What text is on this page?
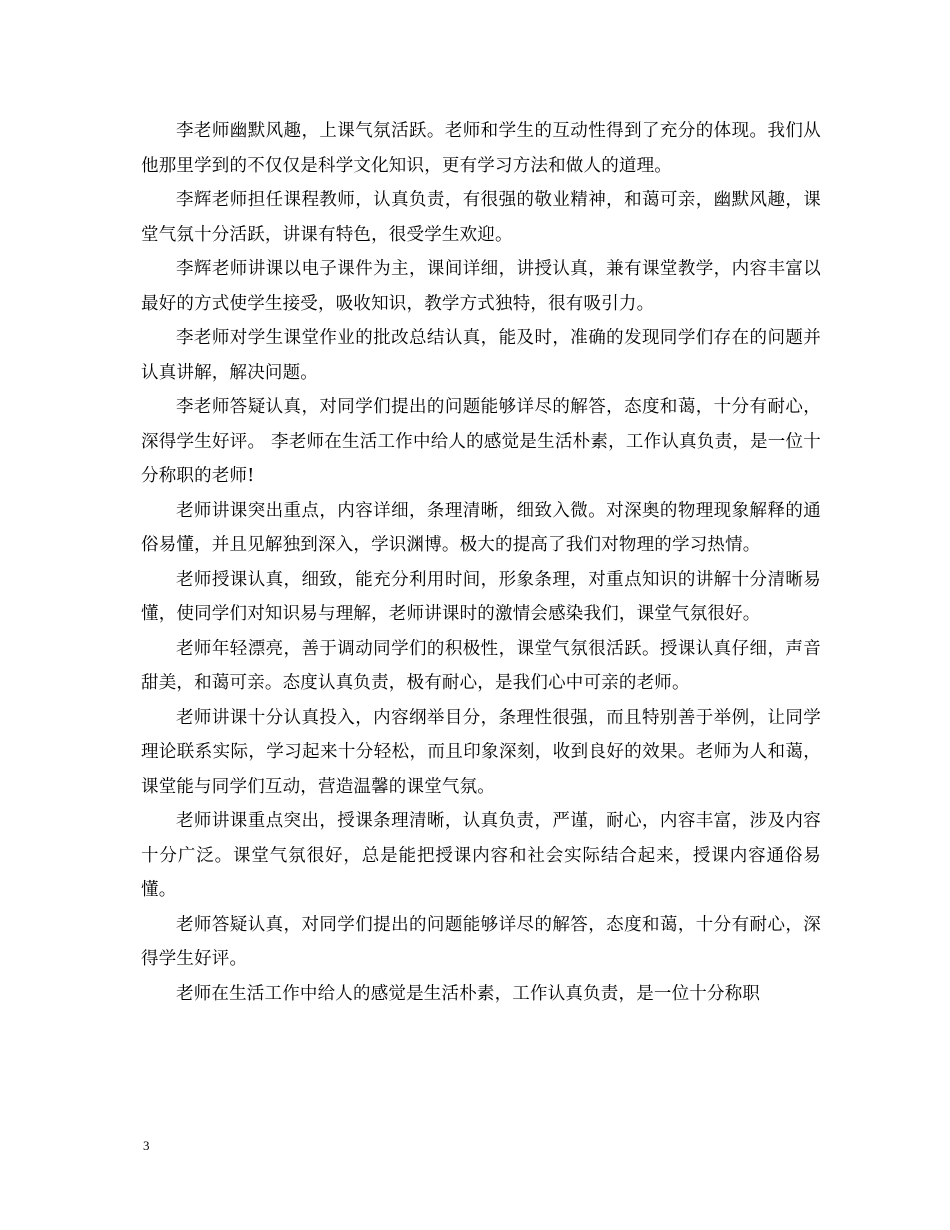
李老师幽默风趣，上课气氛活跃。老师和学生的互动性得到了充分的体现。我们从他那里学到的不仅仅是科学文化知识，更有学习方法和做人的道理。

李辉老师担任课程教师，认真负责，有很强的敬业精神，和蔼可亲，幽默风趣，课堂气氛十分活跃，讲课有特色，很受学生欢迎。

李辉老师讲课以电子课件为主，课间详细，讲授认真，兼有课堂教学，内容丰富以最好的方式使学生接受，吸收知识，教学方式独特，很有吸引力。

李老师对学生课堂作业的批改总结认真，能及时，准确的发现同学们存在的问题并认真讲解，解决问题。

李老师答疑认真，对同学们提出的问题能够详尽的解答，态度和蔼，十分有耐心，深得学生好评。 李老师在生活工作中给人的感觉是生活朴素，工作认真负责，是一位十分称职的老师!

老师讲课突出重点，内容详细，条理清晰，细致入微。对深奥的物理现象解释的通俗易懂，并且见解独到深入，学识渊博。极大的提高了我们对物理的学习热情。

老师授课认真，细致，能充分利用时间，形象条理，对重点知识的讲解十分清晰易懂，使同学们对知识易与理解，老师讲课时的激情会感染我们，课堂气氛很好。

老师年轻漂亮，善于调动同学们的积极性，课堂气氛很活跃。授课认真仔细，声音甜美，和蔼可亲。态度认真负责，极有耐心，是我们心中可亲的老师。

老师讲课十分认真投入，内容纲举目分，条理性很强，而且特别善于举例，让同学理论联系实际，学习起来十分轻松，而且印象深刻，收到良好的效果。老师为人和蔼，课堂能与同学们互动，营造温馨的课堂气氛。

老师讲课重点突出，授课条理清晰，认真负责，严谨，耐心，内容丰富，涉及内容十分广泛。课堂气氛很好，总是能把授课内容和社会实际结合起来，授课内容通俗易懂。

老师答疑认真，对同学们提出的问题能够详尽的解答，态度和蔼，十分有耐心，深得学生好评。

老师在生活工作中给人的感觉是生活朴素，工作认真负责，是一位十分称职

3
